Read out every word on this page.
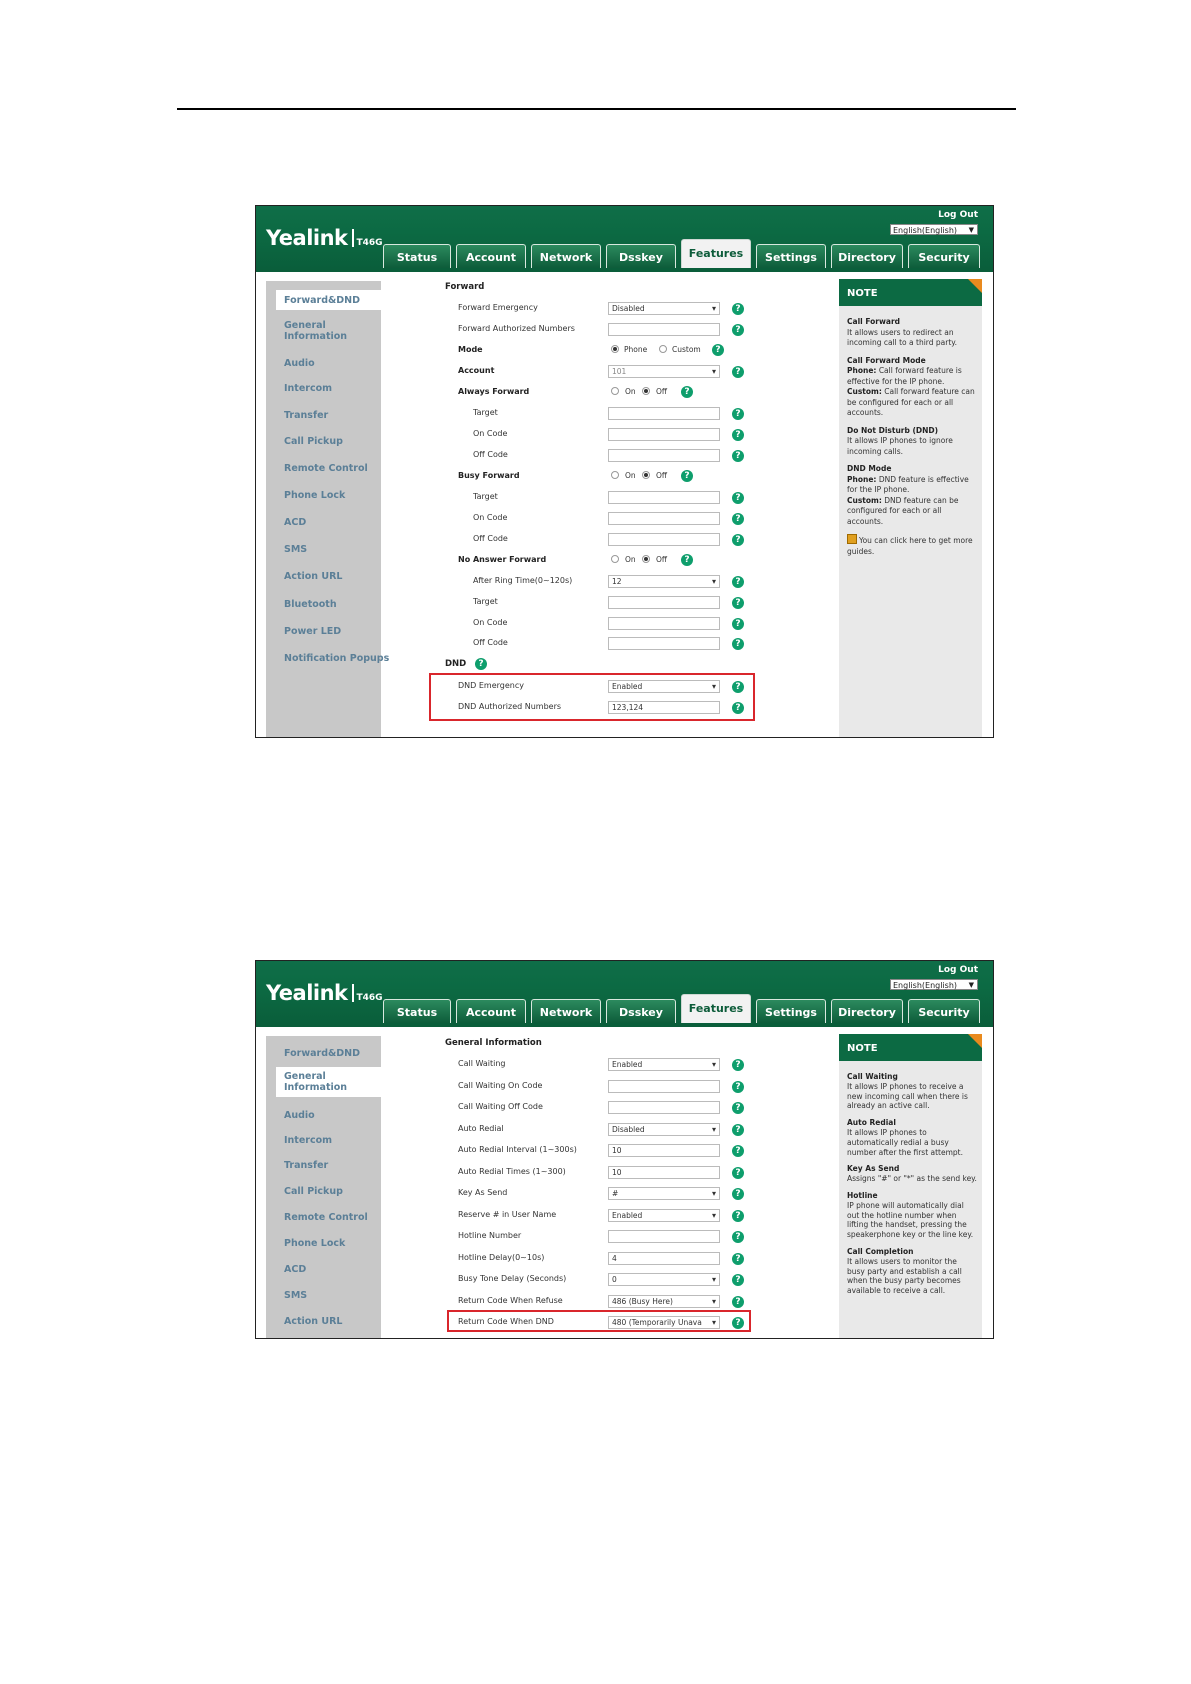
Yealink T46G
Log Out
English(English) ▼
Status	Account	Network	Dsskey	Features	Settings	Directory	Security
Forward&DND
General Information
Audio
Intercom
Transfer
Call Pickup
Remote Control
Phone Lock
ACD
SMS
Action URL
Bluetooth
Power LED
Notification Popups
Forward
Forward Emergency	Disabled ▾	?
Forward Authorized Numbers	?
Mode	Phone	Custom	?
Account	101 ▾	?
Always Forward	On	Off	?
Target	?
On Code	?
Off Code	?
Busy Forward	On	Off	?
Target	?
On Code	?
Off Code	?
No Answer Forward	On	Off	?
After Ring Time(0~120s)	12 ▾	?
Target	?
On Code	?
Off Code	?
DND	?
DND Emergency	Enabled ▾	?
DND Authorized Numbers	123,124	?
NOTE

Call Forward
It allows users to redirect an incoming call to a third party.

Call Forward Mode
Phone: Call forward feature is effective for the IP phone.
Custom: Call forward feature can be configured for each or all accounts.

Do Not Disturb (DND)
It allows IP phones to ignore incoming calls.

DND Mode
Phone: DND feature is effective for the IP phone.
Custom: DND feature can be configured for each or all accounts.

You can click here to get more guides.

Yealink T46G
Log Out
English(English) ▼
Status	Account	Network	Dsskey	Features	Settings	Directory	Security
Forward&DND
General Information
Audio
Intercom
Transfer
Call Pickup
Remote Control
Phone Lock
ACD
SMS
Action URL
General Information
Call Waiting	Enabled ▾	?
Call Waiting On Code	?
Call Waiting Off Code	?
Auto Redial	Disabled ▾	?
Auto Redial Interval (1~300s)	10	?
Auto Redial Times (1~300)	10	?
Key As Send	# ▾	?
Reserve # in User Name	Enabled ▾	?
Hotline Number	?
Hotline Delay(0~10s)	4	?
Busy Tone Delay (Seconds)	0 ▾	?
Return Code When Refuse	486 (Busy Here) ▾	?
Return Code When DND	480 (Temporarily Unava ▾	?
NOTE

Call Waiting
It allows IP phones to receive a new incoming call when there is already an active call.

Auto Redial
It allows IP phones to automatically redial a busy number after the first attempt.

Key As Send
Assigns "#" or "*" as the send key.

Hotline
IP phone will automatically dial out the hotline number when lifting the handset, pressing the speakerphone key or the line key.

Call Completion
It allows users to monitor the busy party and establish a call when the busy party becomes available to receive a call.
